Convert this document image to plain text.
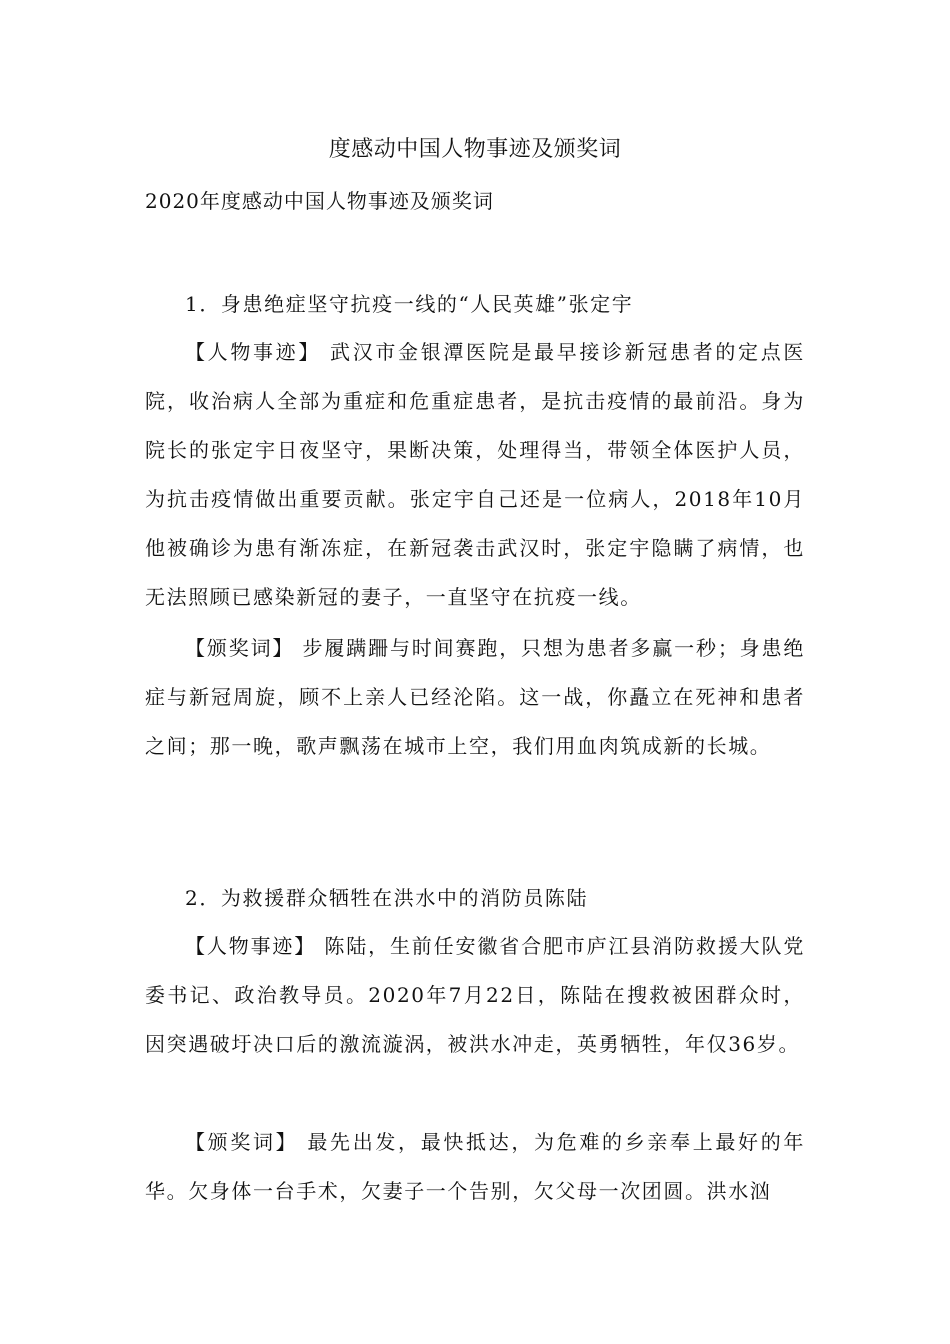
度感动中国人物事迹及颁奖词
2020年度感动中国人物事迹及颁奖词
1．身患绝症坚守抗疫一线的“人民英雄”张定宇
【人物事迹】 武汉市金银潭医院是最早接诊新冠患者的定点医院，收治病人全部为重症和危重症患者，是抗击疫情的最前沿。身为院长的张定宇日夜坚守，果断决策，处理得当，带领全体医护人员，为抗击疫情做出重要贡献。张定宇自己还是一位病人，2018年10月他被确诊为患有渐冻症，在新冠袭击武汉时，张定宇隐瞒了病情，也无法照顾已感染新冠的妻子，一直坚守在抗疫一线。
【颁奖词】 步履蹒跚与时间赛跑，只想为患者多赢一秒；身患绝症与新冠周旋，顾不上亲人已经沦陷。这一战，你矗立在死神和患者之间；那一晚，歌声飘荡在城市上空，我们用血肉筑成新的长城。
2．为救援群众牺牲在洪水中的消防员陈陆
【人物事迹】 陈陆，生前任安徽省合肥市庐江县消防救援大队党委书记、政治教导员。2020年7月22日，陈陆在搜救被困群众时，因突遇破圩决口后的激流漩涡，被洪水冲走，英勇牺牲，年仅36岁。
【颁奖词】 最先出发，最快抵达，为危难的乡亲奉上最好的年华。欠身体一台手术，欠妻子一个告别，欠父母一次团圆。洪水汹
